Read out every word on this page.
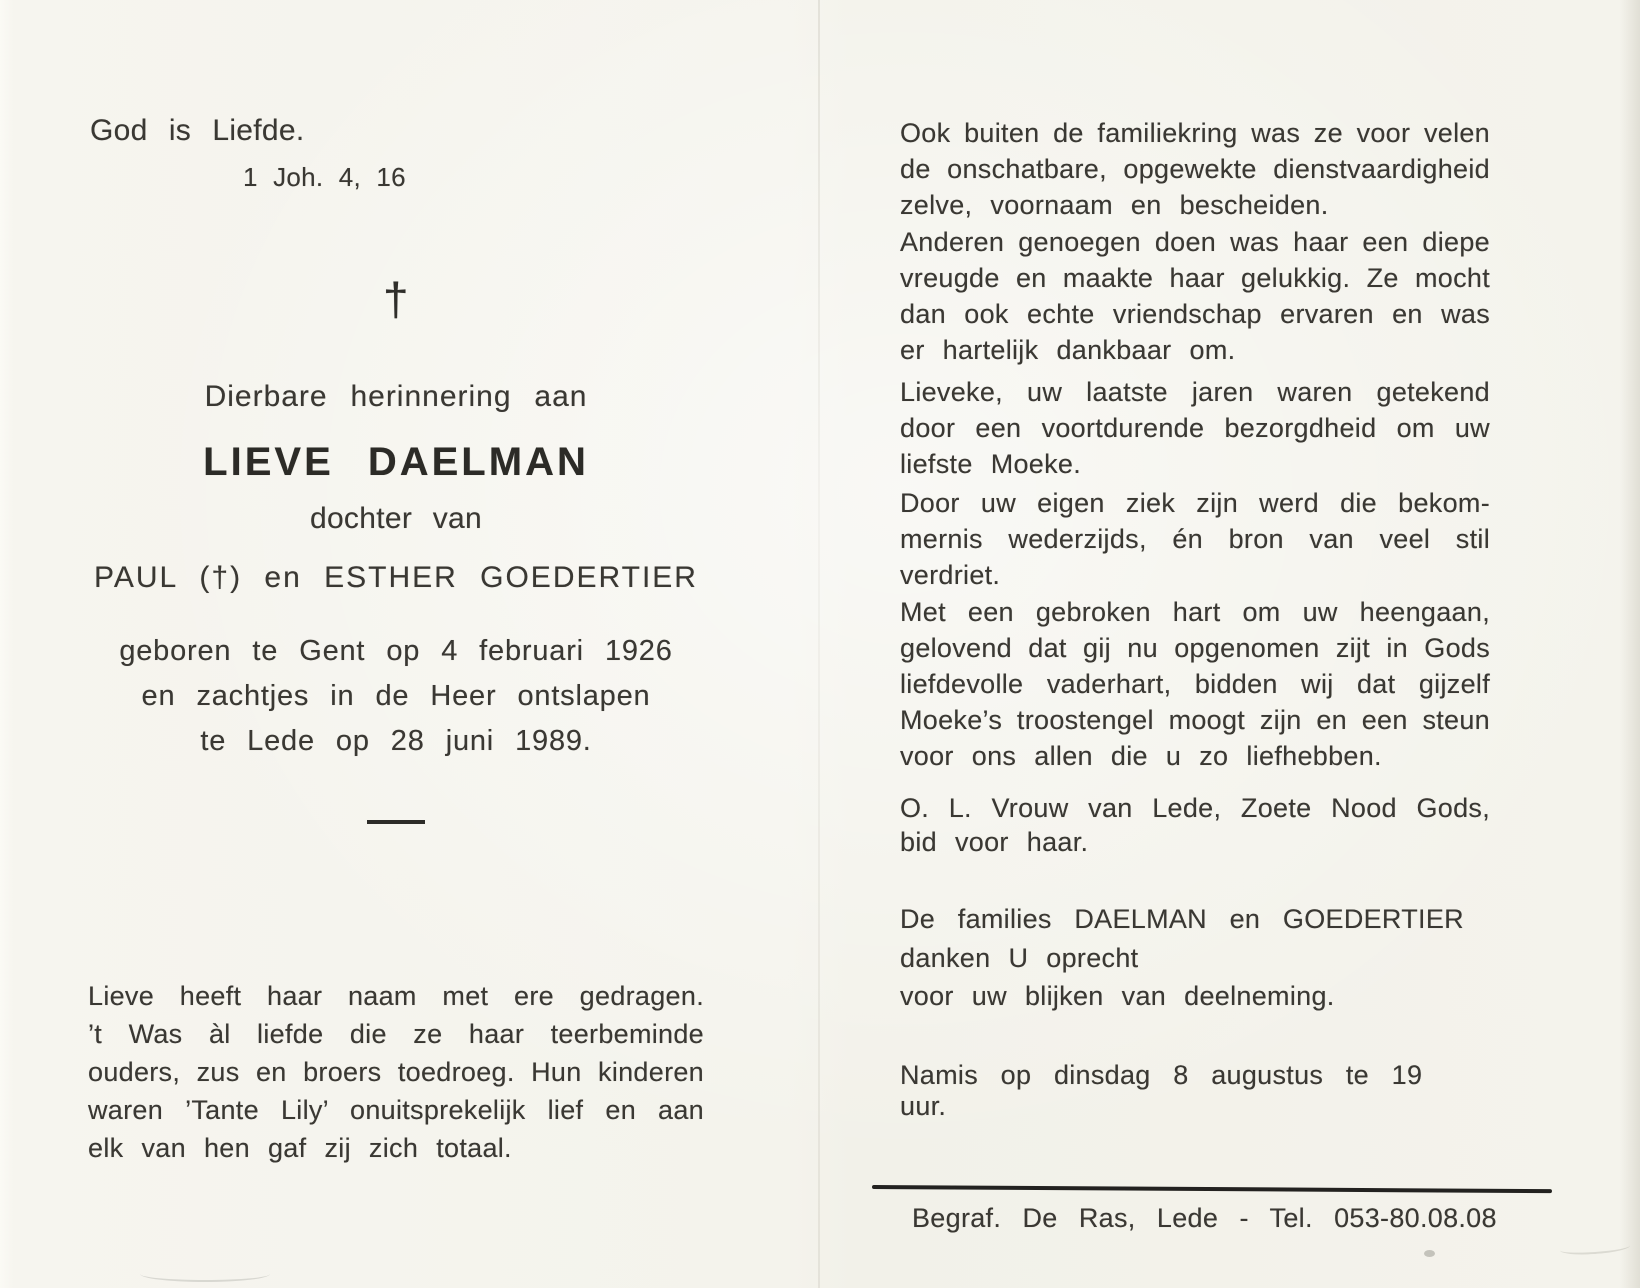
God is Liefde.
1 Joh. 4, 16
†
Dierbare herinnering aan
LIEVE DAELMAN
dochter van
PAUL (†) en ESTHER GOEDERTIER
geboren te Gent op 4 februari 1926
en zachtjes in de Heer ontslapen
te Lede op 28 juni 1989.
Lieve heeft haar naam met ere gedragen.
’t Was àl liefde die ze haar teerbeminde
ouders, zus en broers toedroeg. Hun kinderen
waren ’Tante Lily’ onuitsprekelijk lief en aan
elk van hen gaf zij zich totaal.
Ook buiten de familiekring was ze voor velen
de onschatbare, opgewekte dienstvaardigheid
zelve, voornaam en bescheiden.
Anderen genoegen doen was haar een diepe
vreugde en maakte haar gelukkig. Ze mocht
dan ook echte vriendschap ervaren en was
er hartelijk dankbaar om.
Lieveke, uw laatste jaren waren getekend
door een voortdurende bezorgdheid om uw
liefste Moeke.
Door uw eigen ziek zijn werd die bekom-
mernis wederzijds, én bron van veel stil
verdriet.
Met een gebroken hart om uw heengaan,
gelovend dat gij nu opgenomen zijt in Gods
liefdevolle vaderhart, bidden wij dat gijzelf
Moeke’s troostengel moogt zijn en een steun
voor ons allen die u zo liefhebben.
O. L. Vrouw van Lede, Zoete Nood Gods,
bid voor haar.
De families DAELMAN en GOEDERTIER
danken U oprecht
voor uw blijken van deelneming.
Namis op dinsdag 8 augustus te 19 uur.
Begraf. De Ras, Lede - Tel. 053-80.08.08
